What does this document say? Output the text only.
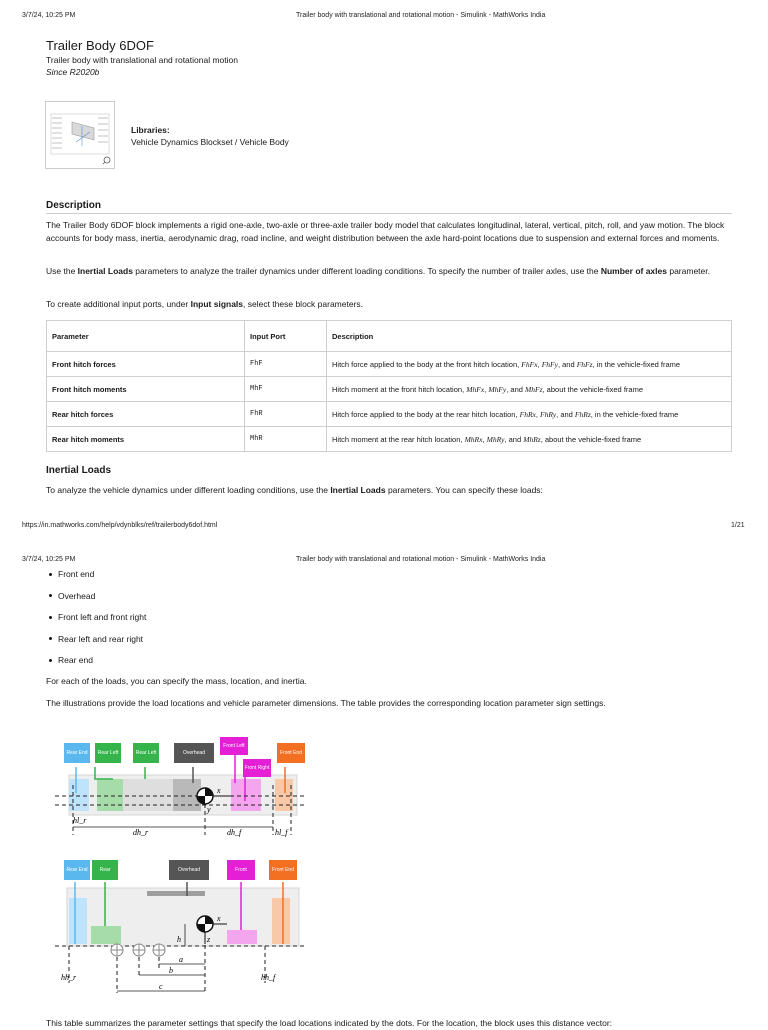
3/7/24, 10:25 PM	Trailer body with translational and rotational motion - Simulink - MathWorks India
Trailer Body 6DOF
Trailer body with translational and rotational motion
Since R2020b
Libraries:
Vehicle Dynamics Blockset / Vehicle Body
Description
The Trailer Body 6DOF block implements a rigid one-axle, two-axle or three-axle trailer body model that calculates longitudinal, lateral, vertical, pitch, roll, and yaw motion. The block accounts for body mass, inertia, aerodynamic drag, road incline, and weight distribution between the axle hard-point locations due to suspension and external forces and moments.
Use the Inertial Loads parameters to analyze the trailer dynamics under different loading conditions. To specify the number of trailer axles, use the Number of axles parameter.
To create additional input ports, under Input signals, select these block parameters.
Parameter	Input Port	Description
Front hitch forces	FhF	Hitch force applied to the body at the front hitch location, FhFx, FhFy, and FhFz, in the vehicle-fixed frame
Front hitch moments	MhF	Hitch moment at the front hitch location, MhFx, MhFy, and MhFz, about the vehicle-fixed frame
Rear hitch forces	FhR	Hitch force applied to the body at the rear hitch location, FhRx, FhRy, and FhRz, in the vehicle-fixed frame
Rear hitch moments	MhR	Hitch moment at the rear hitch location, MhRx, MhRy, and MhRz, about the vehicle-fixed frame
Inertial Loads
To analyze the vehicle dynamics under different loading conditions, use the Inertial Loads parameters. You can specify these loads:
https://in.mathworks.com/help/vdynblks/ref/trailerbody6dof.html	1/21
3/7/24, 10:25 PM	Trailer body with translational and rotational motion - Simulink - MathWorks India
Front end
Overhead
Front left and front right
Rear left and rear right
Rear end
For each of the loads, you can specify the mass, location, and inertia.
The illustrations provide the load locations and vehicle parameter dimensions. The table provides the corresponding location parameter sign settings.
x
y
hl_r
dh_r	dh_f	hl_f
Rear End	Rear Left	Rear Left	Overhead
Front Left
Front Right
Front End
x
z
h
a
b
c
hh_r	hh_f
Rear End	Rear	Overhead	Front	Front End
This table summarizes the parameter settings that specify the load locations indicated by the dots. For the location, the block uses this distance vector:
